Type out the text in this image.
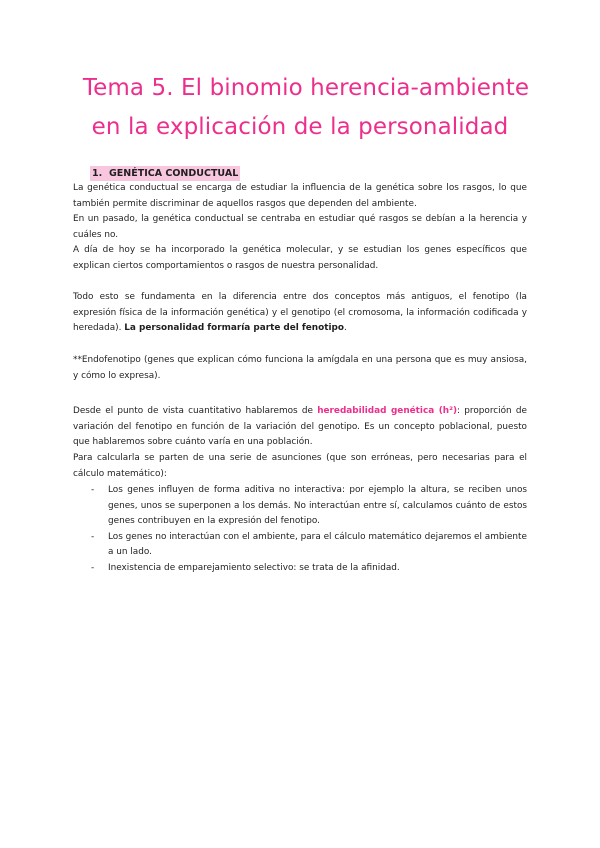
Tema 5. El binomio herencia-ambiente
en la explicación de la personalidad
1. GENÉTICA CONDUCTUAL

La genética conductual se encarga de estudiar la influencia de la genética sobre los rasgos, lo que
también permite discriminar de aquellos rasgos que dependen del ambiente.

En un pasado, la genética conductual se centraba en estudiar qué rasgos se debían a la herencia y
cuáles no.

A día de hoy se ha incorporado la genética molecular, y se estudian los genes específicos que
explican ciertos comportamientos o rasgos de nuestra personalidad.

Todo esto se fundamenta en la diferencia entre dos conceptos más antiguos, el fenotipo (la
expresión física de la información genética) y el genotipo (el cromosoma, la información codificada y
heredada). La personalidad formaría parte del fenotipo.

**Endofenotipo (genes que explican cómo funciona la amígdala en una persona que es muy ansiosa,
y cómo lo expresa).

Desde el punto de vista cuantitativo hablaremos de heredabilidad genética (h²): proporción de
variación del fenotipo en función de la variación del genotipo. Es un concepto poblacional, puesto
que hablaremos sobre cuánto varía en una población.

Para calcularla se parten de una serie de asunciones (que son erróneas, pero necesarias para el
cálculo matemático):

- Los genes influyen de forma aditiva no interactiva: por ejemplo la altura, se reciben unos
genes, unos se superponen a los demás. No interactúan entre sí, calculamos cuánto de estos
genes contribuyen en la expresión del fenotipo.
- Los genes no interactúan con el ambiente, para el cálculo matemático dejaremos el ambiente
a un lado.
- Inexistencia de emparejamiento selectivo: se trata de la afinidad.
